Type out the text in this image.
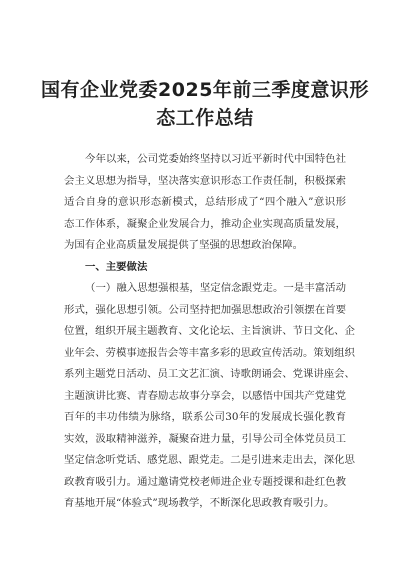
国有企业党委2025年前三季度意识形
态工作总结

今年以来，公司党委始终坚持以习近平新时代中国特色社
会主义思想为指导，坚决落实意识形态工作责任制，积极探索
适合自身的意识形态新模式，总结形成了“四个融入”意识形
态工作体系，凝聚企业发展合力，推动企业实现高质量发展，
为国有企业高质量发展提供了坚强的思想政治保障。

一、主要做法

（一）融入思想强根基，坚定信念跟党走。一是丰富活动
形式，强化思想引领。公司坚持把加强思想政治引领摆在首要
位置，组织开展主题教育、文化论坛、主旨演讲、节日文化、企
业年会、劳模事迹报告会等丰富多彩的思政宣传活动。策划组织
系列主题党日活动、员工文艺汇演、诗歌朗诵会、党课讲座会、
主题演讲比赛、青春励志故事分享会，以感悟中国共产党建党
百年的丰功伟绩为脉络，联系公司30年的发展成长强化教育
实效，汲取精神滋养，凝聚奋进力量，引导公司全体党员员工
坚定信念听党话、感党恩、跟党走。二是引进来走出去，深化思
政教育吸引力。通过邀请党校老师进企业专题授课和赴红色教
育基地开展“体验式”现场教学，不断深化思政教育吸引力。
